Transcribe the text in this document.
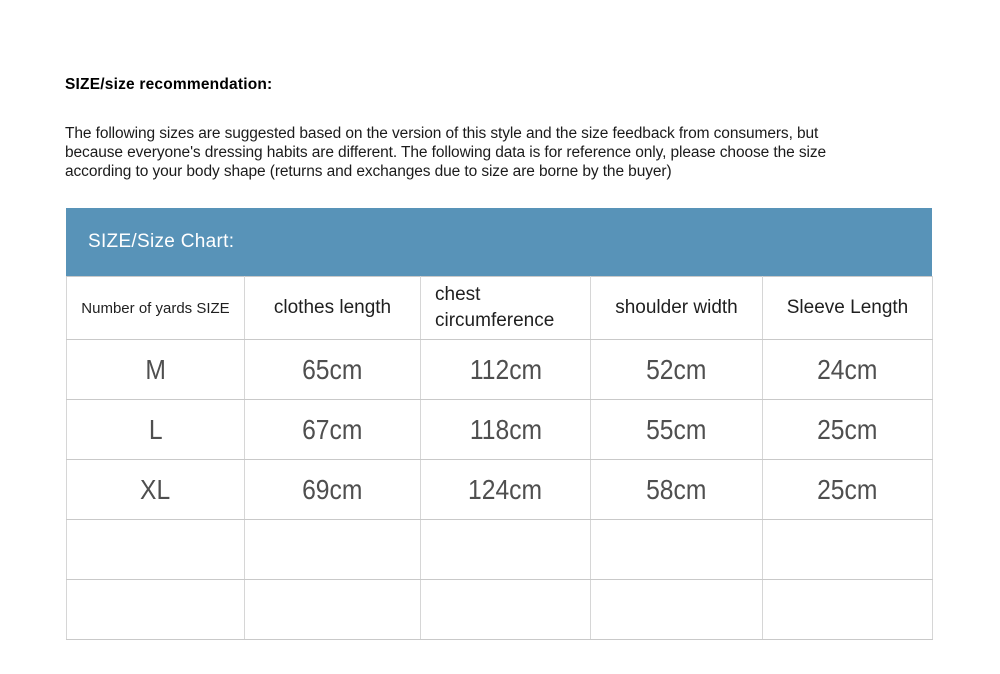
SIZE/size recommendation:
The following sizes are suggested based on the version of this style and the size feedback from consumers, but
because everyone's dressing habits are different. The following data is for reference only, please choose the size
according to your body shape (returns and exchanges due to size are borne by the buyer)
SIZE/Size Chart:
Number of yards SIZE	clothes length	chest circumference	shoulder width	Sleeve Length
M	65cm	112cm	52cm	24cm
L	67cm	118cm	55cm	25cm
XL	69cm	124cm	58cm	25cm
